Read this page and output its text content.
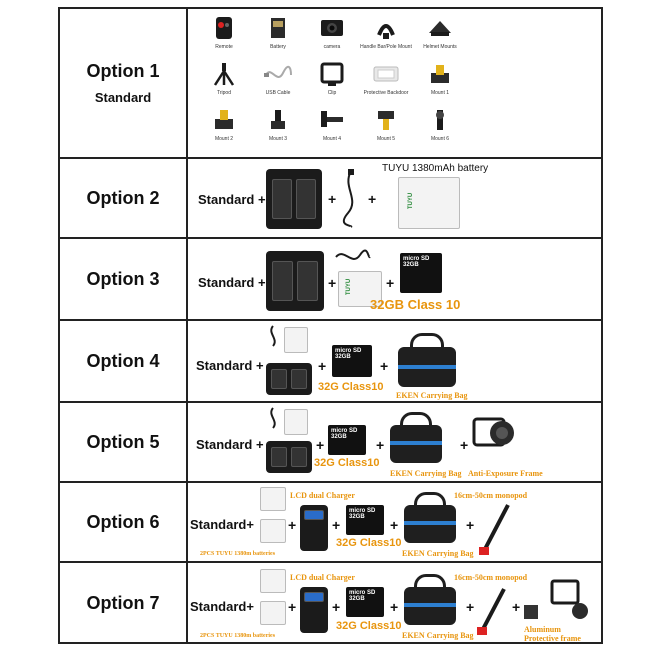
Option 1
Standard
Remote	Battery	camera	Handle Bar/Pole Mount	Helmet Mounts
Tripod	USB Cable	Clip	Protective Backdoor	Mount 1
Mount 2	Mount 3	Mount 4	Mount 5	Mount 6
Option 2	Standard +	+ +
TUYU 1380mAh battery
TUYU
Option 3	Standard +	+ TUYU +
micro SD 32GB
32GB Class 10
Option 4	Standard +	+
micro SD 32GB
32G Class10
+
EKEN Carrying Bag
Option 5	Standard +	+
micro SD 32GB
32G Class10
+
EKEN Carrying Bag
+
Anti-Exposure Frame
Option 6 Standard+
LCD dual Charger
2PCS TUYU 1380m batteries
+	+
micro SD 32GB
32G Class10
+
EKEN Carrying Bag
+
16cm-50cm monopod
Option 7 Standard+
LCD dual Charger
2PCS TUYU 1380m batteries
+	+
micro SD 32GB
32G Class10
+
EKEN Carrying Bag
+
16cm-50cm monopod
+
Aluminum
Protective frame
